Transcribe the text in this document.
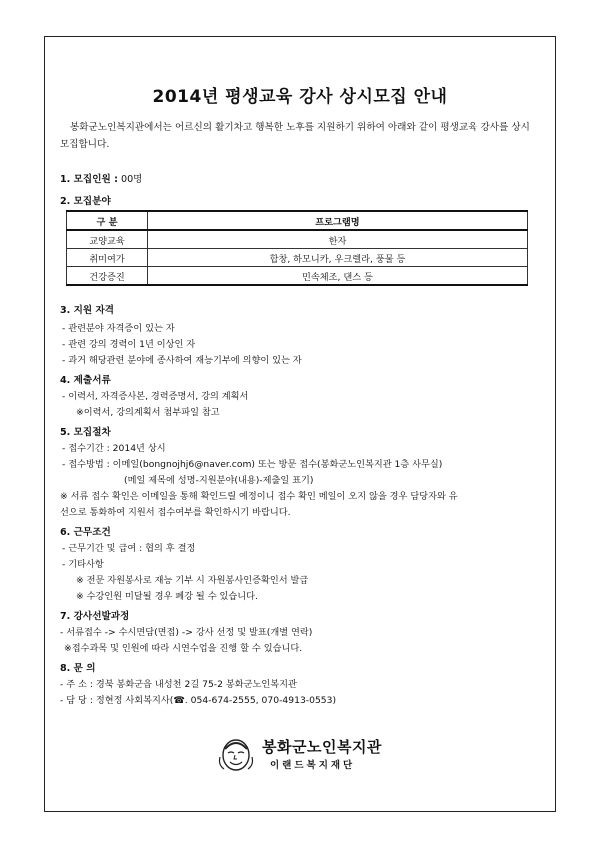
2014년 평생교육 강사 상시모집 안내
봉화군노인복지관에서는 어르신의 활기차고 행복한 노후를 지원하기 위하여 아래와 같이 평생교육 강사를 상시 모집합니다.
1. 모집인원 : 00명
2. 모집분야
구 분	프로그램명
교양교육	한자
취미여가	합창, 하모니카, 우크렐라, 풍물 등
건강증진	민속체조, 댄스 등
3. 지원 자격
- 관련분야 자격증이 있는 자
- 관련 강의 경력이 1년 이상인 자
- 과거 해당관련 분야에 종사하여 재능기부에 의향이 있는 자
4. 제출서류
- 이력서, 자격증사본, 경력증명서, 강의 계획서
※이력서, 강의계획서 첨부파일 참고
5. 모집절차
- 접수기간 : 2014년 상시
- 접수방법 : 이메일(bongnojhj6@naver.com) 또는 방문 접수(봉화군노인복지관 1층 사무실)
(메일 제목에 성명-지원분야(내용)-제출일 표기)
※ 서류 접수 확인은 이메일을 통해 확인드릴 예정이니 접수 확인 메일이 오지 않을 경우 담당자와 유
선으로 통화하여 지원서 접수여부를 확인하시기 바랍니다.
6. 근무조건
- 근무기간 및 급여 : 협의 후 결정
- 기타사항
※ 전문 자원봉사로 재능 기부 시 자원봉사인증확인서 발급
※ 수강인원 미달될 경우 폐강 될 수 있습니다.
7. 강사선발과정
- 서류접수 -> 수시면담(면접) -> 강사 선정 및 발표(개별 연락)
※접수과목 및 인원에 따라 시연수업을 진행 할 수 있습니다.
8. 문 의
- 주 소 : 경북 봉화군읍 내성천 2길 75-2 봉화군노인복지관
- 담 당 : 정현정 사회복지사(☎. 054-674-2555, 070-4913-0553)
봉화군노인복지관
이랜드복지재단
